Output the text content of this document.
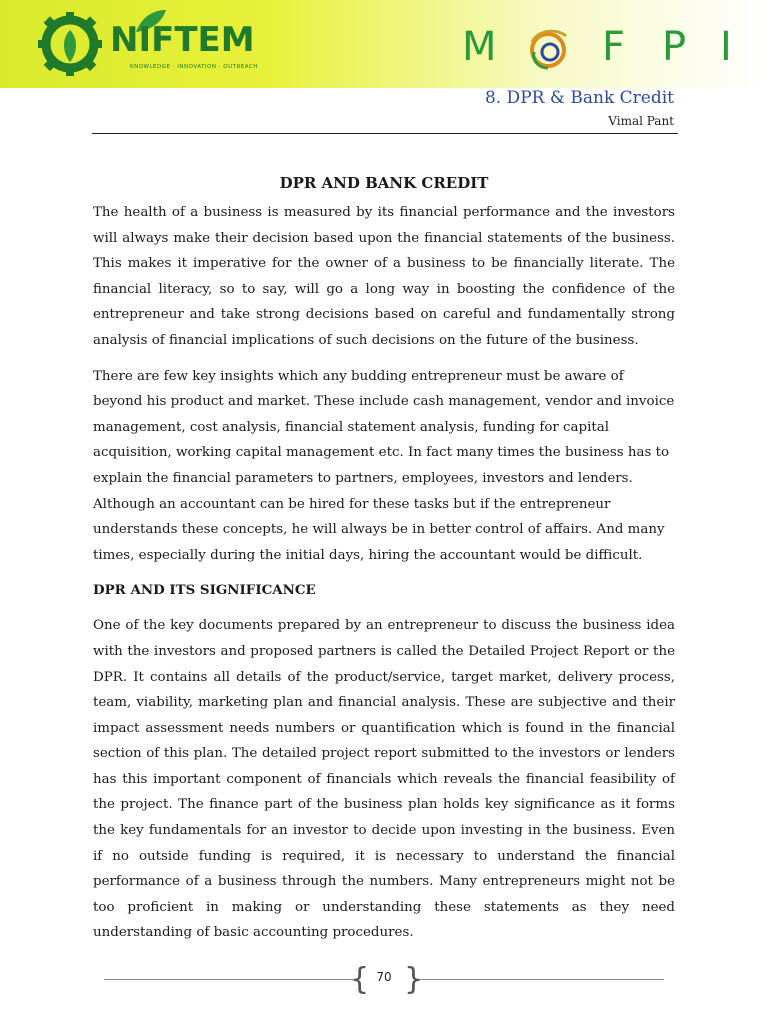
NIFTEM
KNOWLEDGE · INNOVATION · OUTREACH	M	F P I
8. DPR & Bank Credit
Vimal Pant
DPR AND BANK CREDIT

The health of a business is measured by its financial performance and the investors will always make their decision based upon the financial statements of the business. This makes it imperative for the owner of a business to be financially literate. The financial literacy, so to say, will go a long way in boosting the confidence of the entrepreneur and take strong decisions based on careful and fundamentally strong analysis of financial implications of such decisions on the future of the business.

There are few key insights which any budding entrepreneur must be aware of beyond his product and market. These include cash management, vendor and invoice management, cost analysis, financial statement analysis, funding for capital acquisition, working capital management etc. In fact many times the business has to explain the financial parameters to partners, employees, investors and lenders. Although an accountant can be hired for these tasks but if the entrepreneur understands these concepts, he will always be in better control of affairs. And many times, especially during the initial days, hiring the accountant would be difficult.

DPR AND ITS SIGNIFICANCE

One of the key documents prepared by an entrepreneur to discuss the business idea with the investors and proposed partners is called the Detailed Project Report or the DPR. It contains all details of the product/service, target market, delivery process, team, viability, marketing plan and financial analysis. These are subjective and their impact assessment needs numbers or quantification which is found in the financial section of this plan. The detailed project report submitted to the investors or lenders has this important component of financials which reveals the financial feasibility of the project. The finance part of the business plan holds key significance as it forms the key fundamentals for an investor to decide upon investing in the business. Even if no outside funding is required, it is necessary to understand the financial performance of a business through the numbers. Many entrepreneurs might not be too proficient in making or understanding these statements as they need understanding of basic accounting procedures.

{ }
70
